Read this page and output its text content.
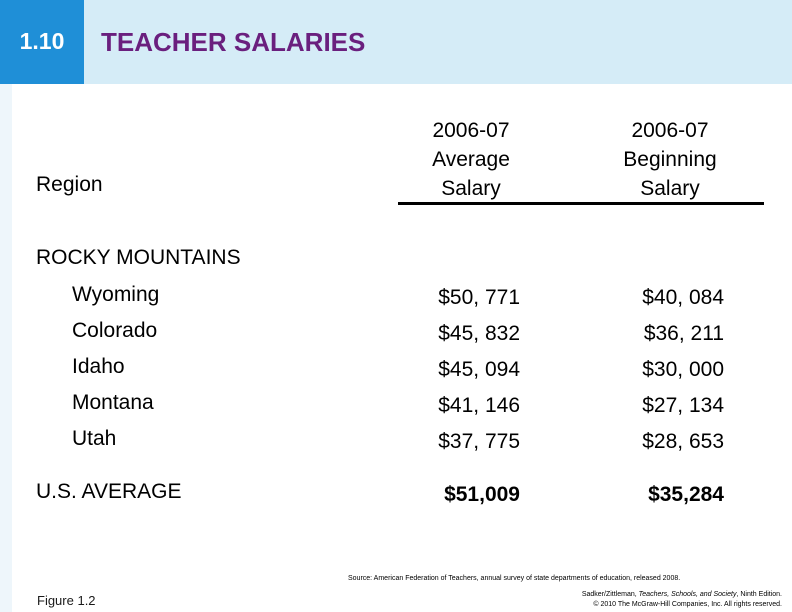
1.10	TEACHER SALARIES
2006-07
Average
Salary
2006-07
Beginning
Salary
Region
ROCKY MOUNTAINS
Wyoming	$50, 771	$40, 084
Colorado	$45, 832	$36, 211
Idaho	$45, 094	$30, 000
Montana	$41, 146	$27, 134
Utah	$37, 775	$28, 653
U.S. AVERAGE	$51,009	$35,284
Source: American Federation of Teachers, annual survey of state departments of education, released 2008.
Figure 1.2	Sadker/Zittleman, Teachers, Schools, and Society, Ninth Edition.
© 2010 The McGraw-Hill Companies, Inc. All rights reserved.
